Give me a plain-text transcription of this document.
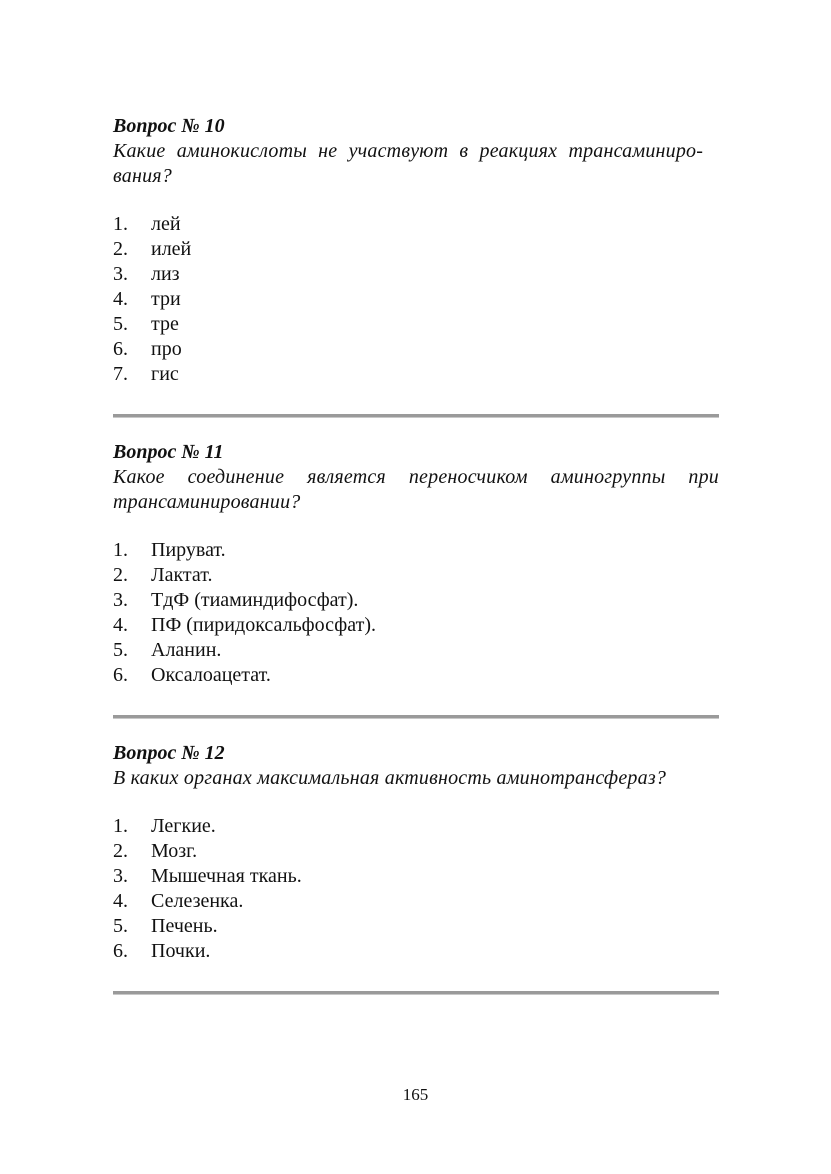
Вопрос № 10

Какие аминокислоты не участвуют в реакциях трансаминиро-
вания?

1.	лей
2.	илей
3.	лиз
4.	три
5.	тре
6.	про
7.	гис

Вопрос № 11

Какое соединение является переносчиком аминогруппы при
трансаминировании?

1.	Пируват.
2.	Лактат.
3.	ТдФ (тиаминдифосфат).
4.	ПФ (пиридоксальфосфат).
5.	Аланин.
6.	Оксалоацетат.

Вопрос № 12

В каких органах максимальная активность аминотрансфераз?

1.	Легкие.
2.	Мозг.
3.	Мышечная ткань.
4.	Селезенка.
5.	Печень.
6.	Почки.
165
